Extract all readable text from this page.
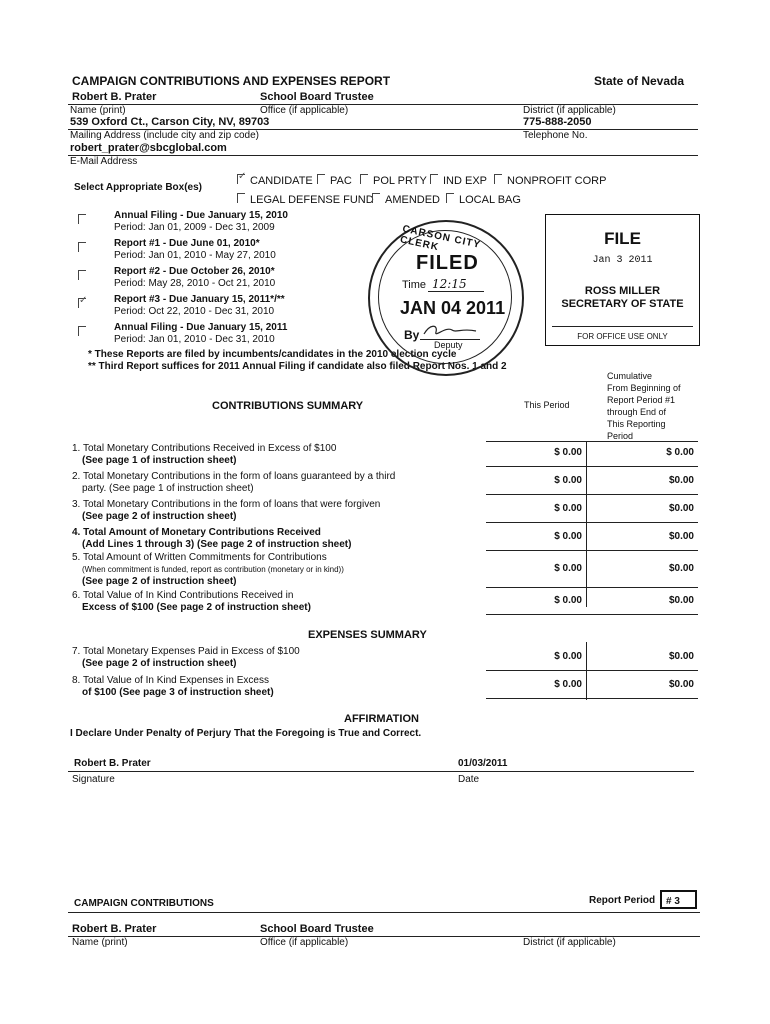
CAMPAIGN CONTRIBUTIONS AND EXPENSES REPORT	State of Nevada
Robert B. Prater	School Board Trustee
Name (print)	Office (if applicable)	District (if applicable)
539 Oxford Ct., Carson City, NV, 89703	775-888-2050
Mailing Address (include city and zip code)	Telephone No.
robert_prater@sbcglobal.com
E-Mail Address
Select Appropriate Box(es)
✓
CANDIDATE PAC POL PRTY IND EXP NONPROFIT CORP
LEGAL DEFENSE FUND AMENDED LOCAL BAG
Annual Filing - Due January 15, 2010
Period: Jan 01, 2009 - Dec 31, 2009
Report #1 - Due June 01, 2010*
Period: Jan 01, 2010 - May 27, 2010
Report #2 - Due October 26, 2010*
Period: May 28, 2010 - Oct 21, 2010
✓
Report #3 - Due January 15, 2011*/**
Period: Oct 22, 2010 - Dec 31, 2010
Annual Filing - Due January 15, 2011
Period: Jan 01, 2010 - Dec 31, 2010
* These Reports are filed by incumbents/candidates in the 2010 election cycle
** Third Report suffices for 2011 Annual Filing if candidate also filed Report Nos. 1 and 2
CARSON CITY CLERK
FILED
Time 12:15
JAN 04 2011
By
Deputy
FILE
Jan 3 2011
ROSS MILLER
SECRETARY OF STATE
FOR OFFICE USE ONLY
Cumulative
From Beginning of
Report Period #1
through End of
This Reporting
Period
CONTRIBUTIONS SUMMARY	This Period
1. Total Monetary Contributions Received in Excess of $100
(See page 1 of instruction sheet)
$ 0.00	$ 0.00
2. Total Monetary Contributions in the form of loans guaranteed by a third
party. (See page 1 of instruction sheet)
$ 0.00	$0.00
3. Total Monetary Contributions in the form of loans that were forgiven
(See page 2 of instruction sheet)
$ 0.00	$0.00
4. Total Amount of Monetary Contributions Received
(Add Lines 1 through 3) (See page 2 of instruction sheet)
$ 0.00	$0.00
5. Total Amount of Written Commitments for Contributions
(When commitment is funded, report as contribution (monetary or in kind))
(See page 2 of instruction sheet)
$ 0.00	$0.00
6. Total Value of In Kind Contributions Received in
Excess of $100 (See page 2 of instruction sheet)
$ 0.00	$0.00
EXPENSES SUMMARY
7. Total Monetary Expenses Paid in Excess of $100
(See page 2 of instruction sheet)
$ 0.00	$0.00
8. Total Value of In Kind Expenses in Excess
of $100 (See page 3 of instruction sheet)
$ 0.00	$0.00
AFFIRMATION
I Declare Under Penalty of Perjury That the Foregoing is True and Correct.
Robert B. Prater	01/03/2011
Signature	Date
CAMPAIGN CONTRIBUTIONS	Report Period	# 3
Robert B. Prater	School Board Trustee
Name (print)	Office (if applicable)	District (if applicable)
